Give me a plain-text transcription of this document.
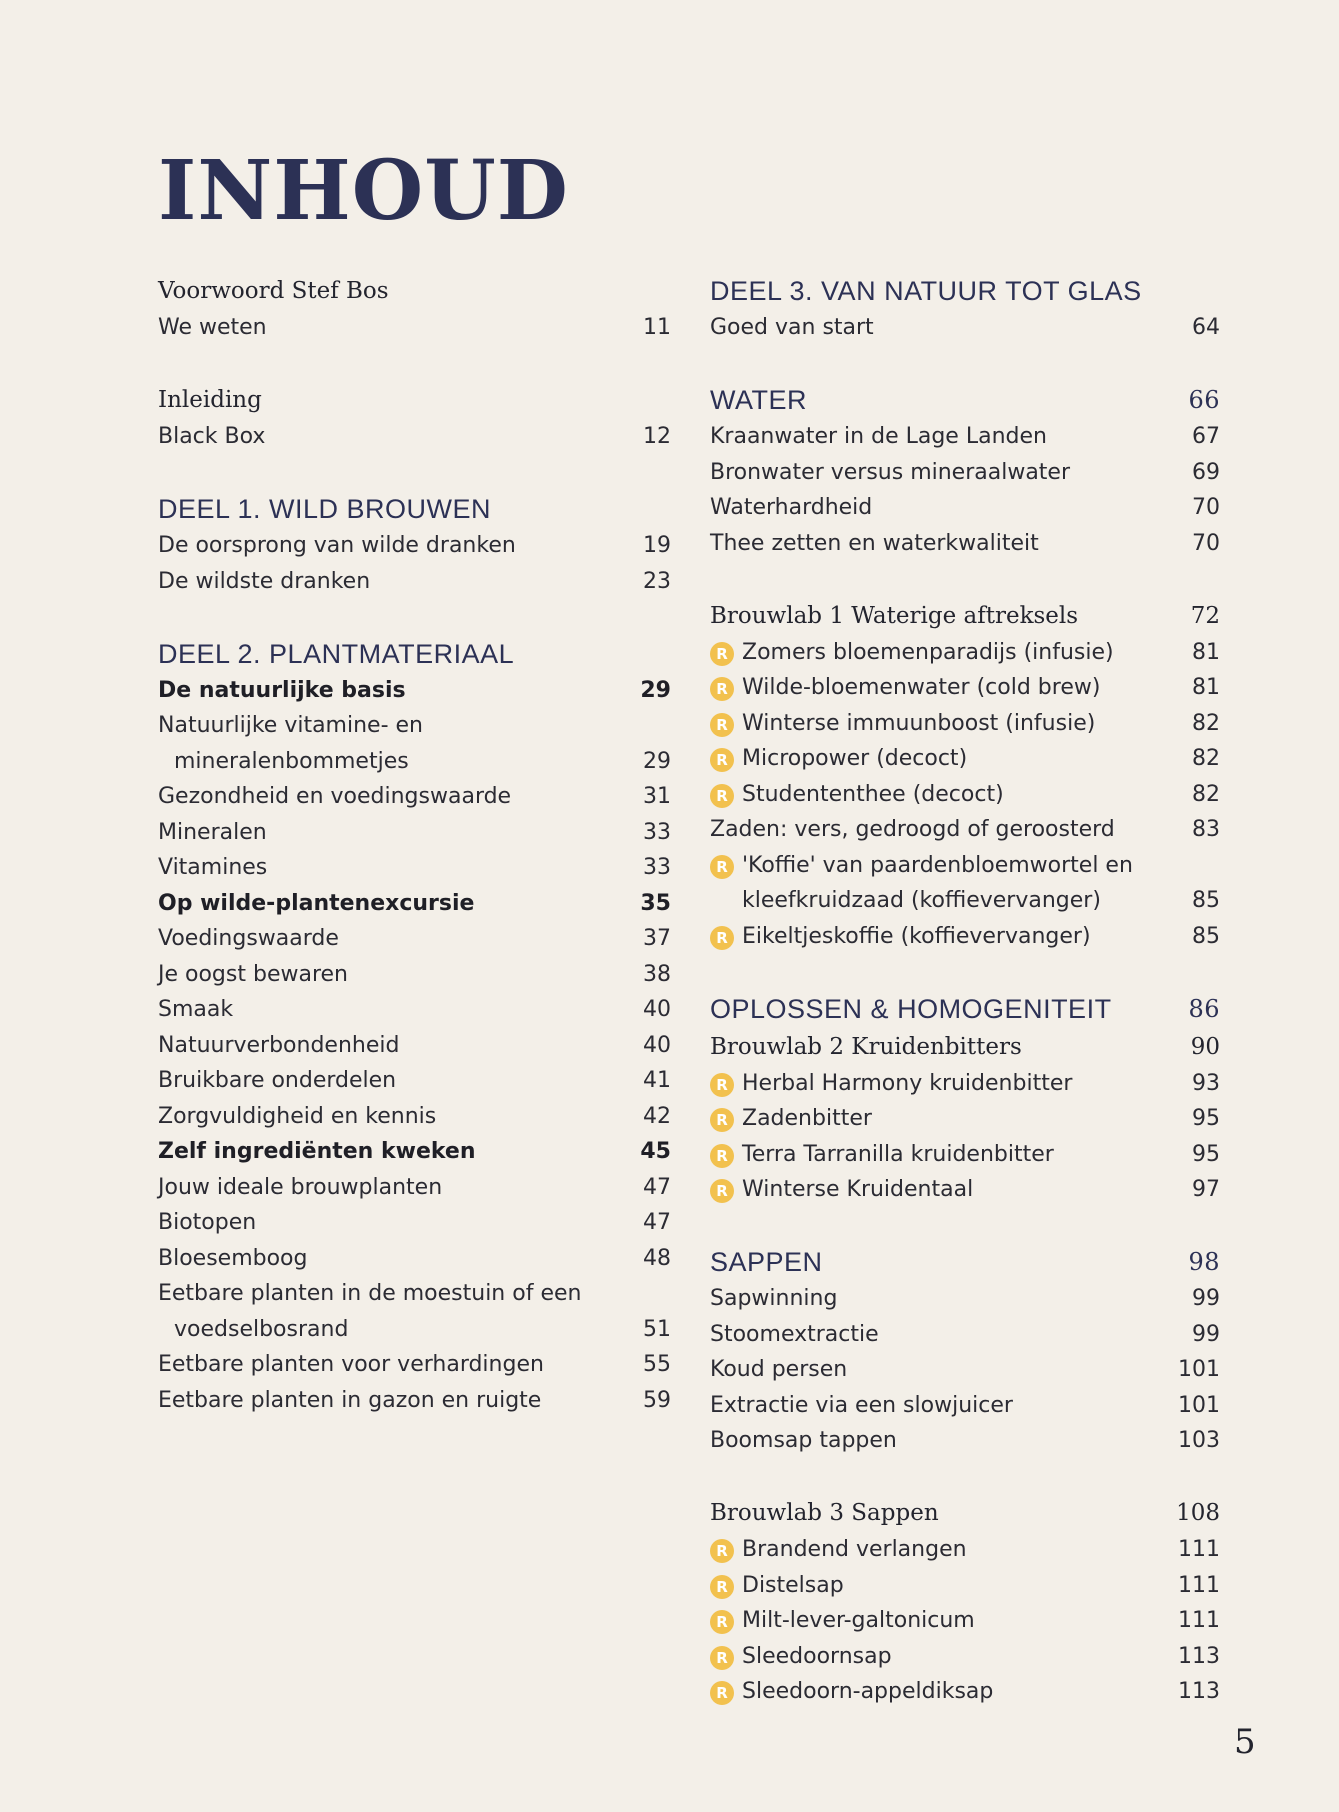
INHOUD
Voorwoord Stef Bos
We weten	11
Inleiding
Black Box	12
DEEL 1. WILD BROUWEN
De oorsprong van wilde dranken	19
De wildste dranken	23
DEEL 2. PLANTMATERIAAL
De natuurlijke basis	29
Natuurlijke vitamine- en
mineralenbommetjes	29
Gezondheid en voedingswaarde	31
Mineralen	33
Vitamines	33
Op wilde-plantenexcursie	35
Voedingswaarde	37
Je oogst bewaren	38
Smaak	40
Natuurverbondenheid	40
Bruikbare onderdelen	41
Zorgvuldigheid en kennis	42
Zelf ingrediënten kweken	45
Jouw ideale brouwplanten	47
Biotopen	47
Bloesemboog	48
Eetbare planten in de moestuin of een
voedselbosrand	51
Eetbare planten voor verhardingen	55
Eetbare planten in gazon en ruigte	59
DEEL 3. VAN NATUUR TOT GLAS
Goed van start	64
WATER	66
Kraanwater in de Lage Landen	67
Bronwater versus mineraalwater	69
Waterhardheid	70
Thee zetten en waterkwaliteit	70
Brouwlab 1 Waterige aftreksels	72
R Zomers bloemenparadijs (infusie)	81
R Wilde-bloemenwater (cold brew)	81
R Winterse immuunboost (infusie)	82
R Micropower (decoct)	82
R Studententhee (decoct)	82
Zaden: vers, gedroogd of geroosterd	83
R 'Koffie' van paardenbloemwortel en
kleefkruidzaad (koffievervanger)	85
R Eikeltjeskoffie (koffievervanger)	85
OPLOSSEN & HOMOGENITEIT	86
Brouwlab 2 Kruidenbitters	90
R Herbal Harmony kruidenbitter	93
R Zadenbitter	95
R Terra Tarranilla kruidenbitter	95
R Winterse Kruidentaal	97
SAPPEN	98
Sapwinning	99
Stoomextractie	99
Koud persen	101
Extractie via een slowjuicer	101
Boomsap tappen	103
Brouwlab 3 Sappen	108
R Brandend verlangen	111
R Distelsap	111
R Milt-lever-galtonicum	111
R Sleedoornsap	113
R Sleedoorn-appeldiksap	113
5
